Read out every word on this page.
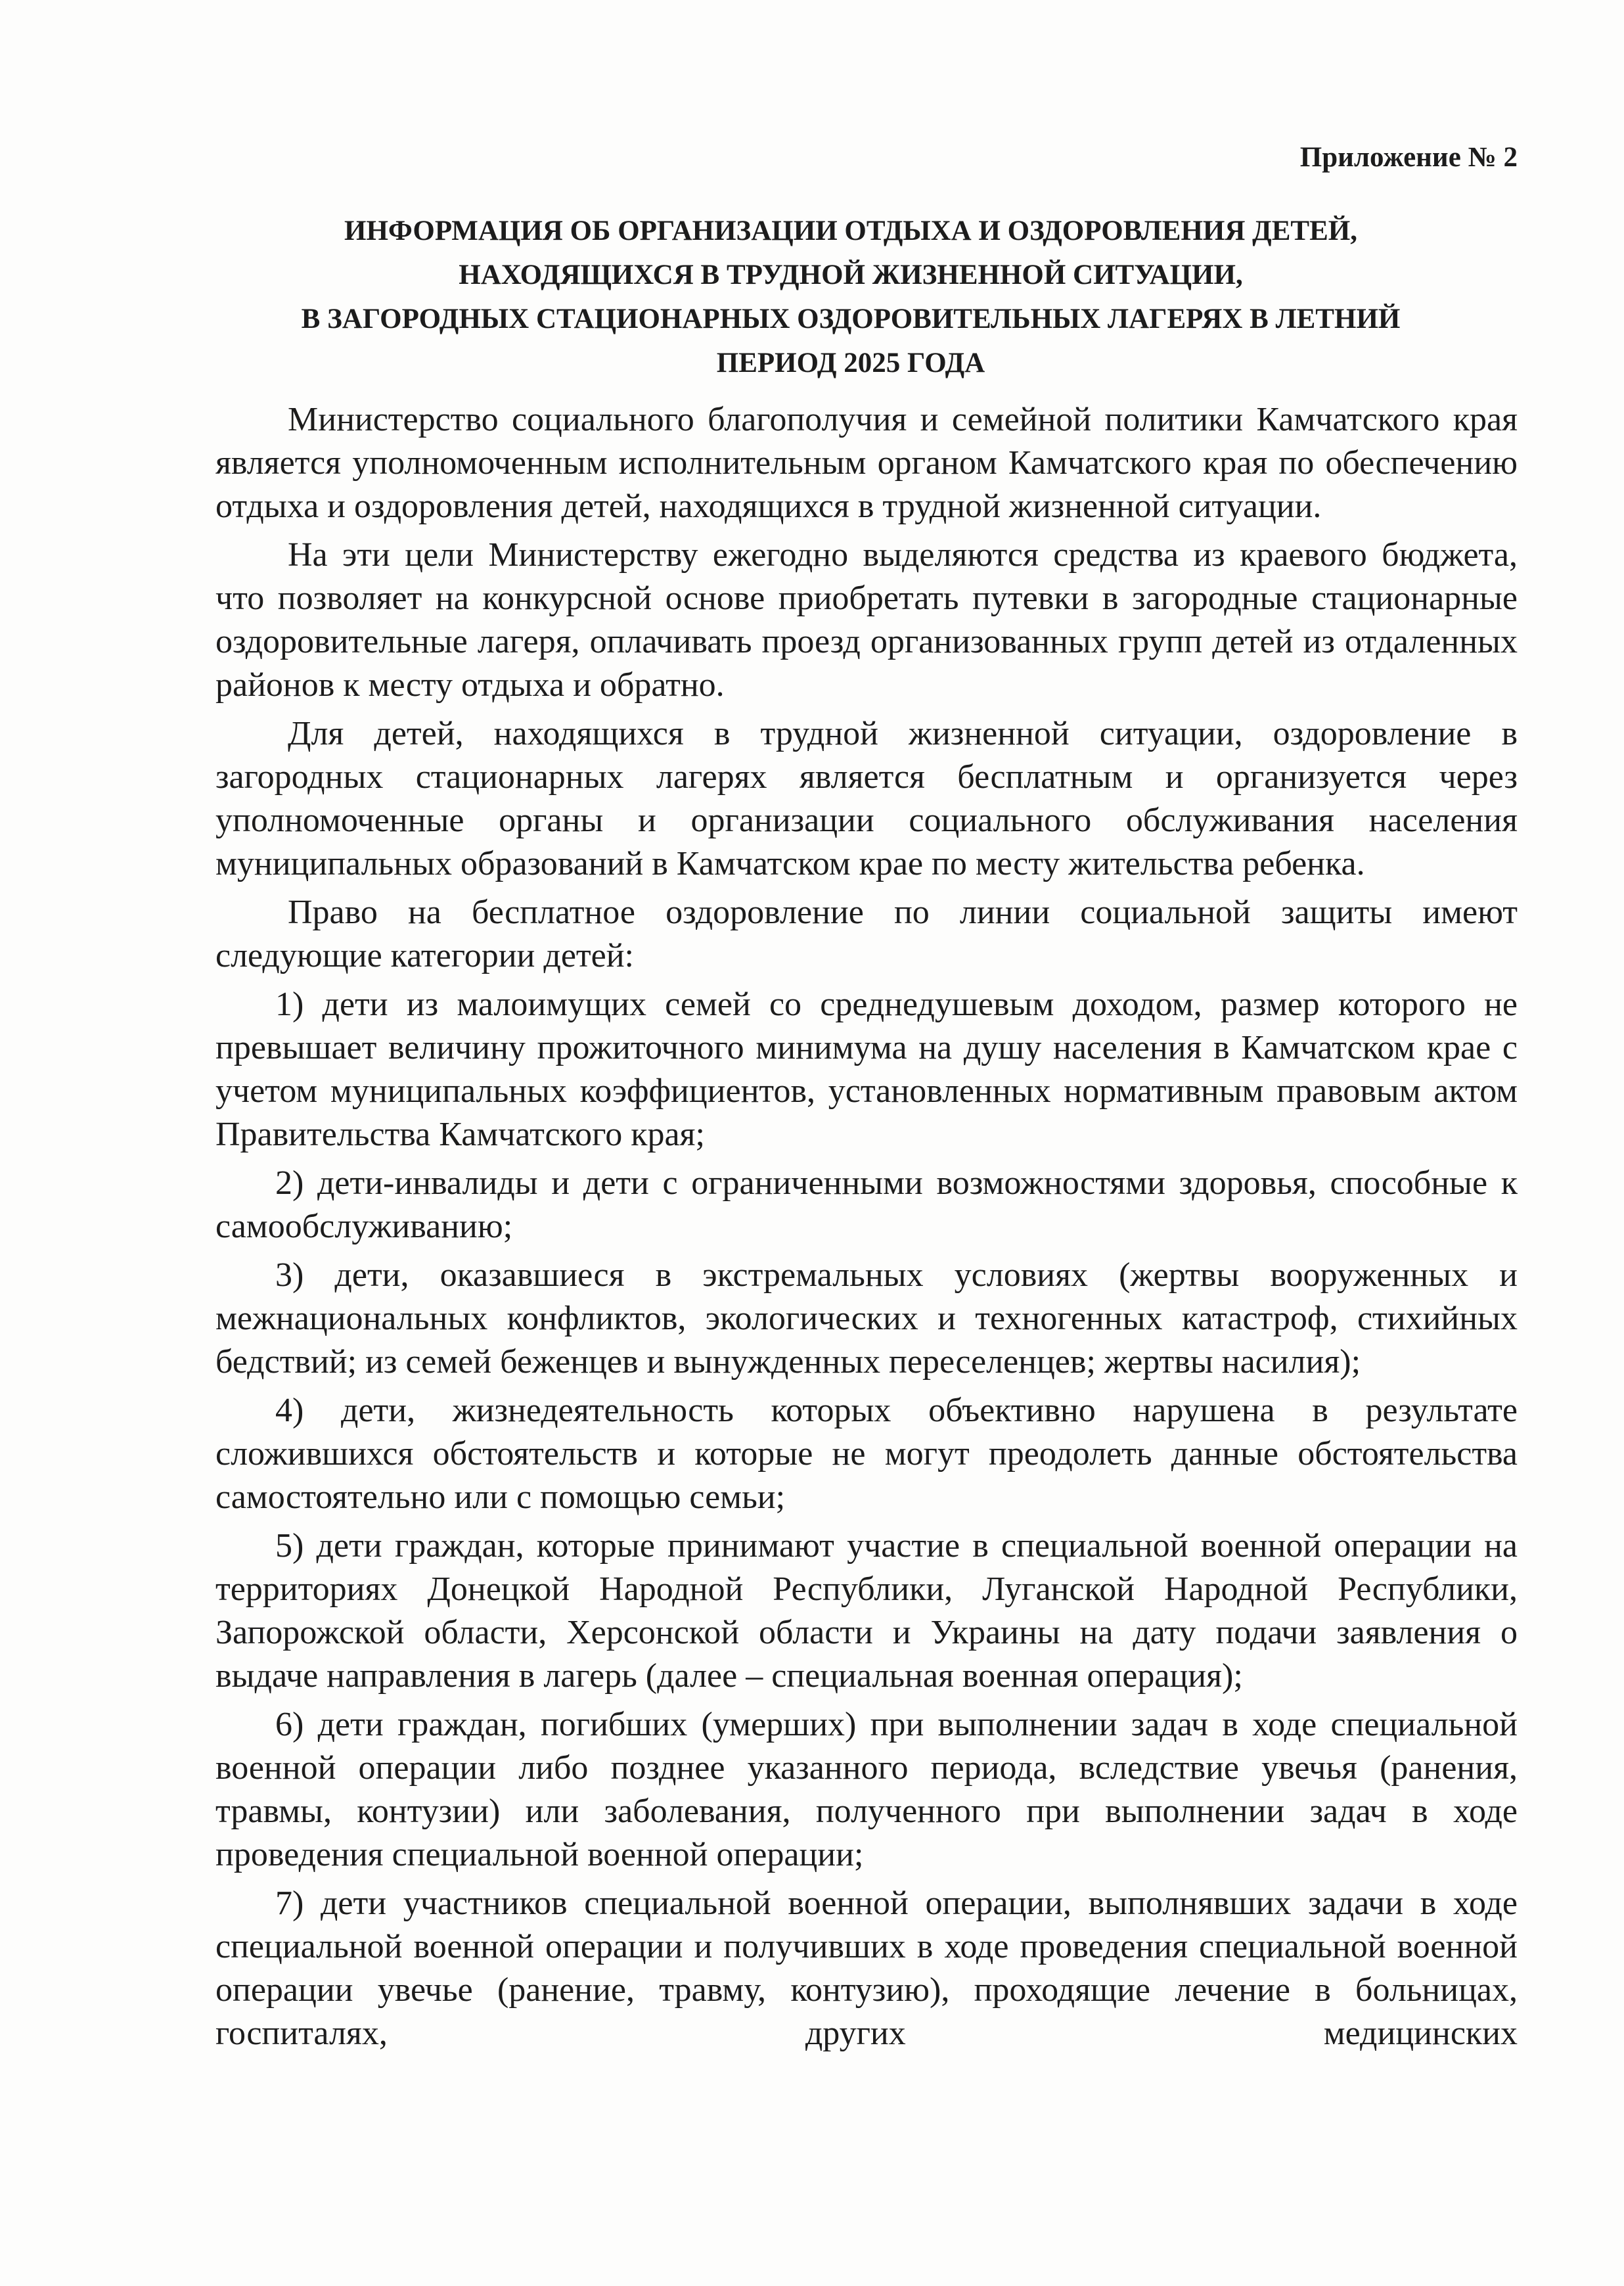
Приложение № 2

ИНФОРМАЦИЯ ОБ ОРГАНИЗАЦИИ ОТДЫХА И ОЗДОРОВЛЕНИЯ ДЕТЕЙ,
НАХОДЯЩИХСЯ В ТРУДНОЙ ЖИЗНЕННОЙ СИТУАЦИИ,
В ЗАГОРОДНЫХ СТАЦИОНАРНЫХ ОЗДОРОВИТЕЛЬНЫХ ЛАГЕРЯХ В ЛЕТНИЙ
ПЕРИОД 2025 ГОДА

Министерство социального благополучия и семейной политики Камчатского края является уполномоченным исполнительным органом Камчатского края по обеспечению отдыха и оздоровления детей, находящихся в трудной жизненной ситуации.

На эти цели Министерству ежегодно выделяются средства из краевого бюджета, что позволяет на конкурсной основе приобретать путевки в загородные стационарные оздоровительные лагеря, оплачивать проезд организованных групп детей из отдаленных районов к месту отдыха и обратно.

Для детей, находящихся в трудной жизненной ситуации, оздоровление в загородных стационарных лагерях является бесплатным и организуется через уполномоченные органы и организации социального обслуживания населения муниципальных образований в Камчатском крае по месту жительства ребенка.

Право на бесплатное оздоровление по линии социальной защиты имеют следующие категории детей:

1) дети из малоимущих семей со среднедушевым доходом, размер которого не превышает величину прожиточного минимума на душу населения в Камчатском крае с учетом муниципальных коэффициентов, установленных нормативным правовым актом Правительства Камчатского края;

2) дети-инвалиды и дети с ограниченными возможностями здоровья, способные к самообслуживанию;

3) дети, оказавшиеся в экстремальных условиях (жертвы вооруженных и межнациональных конфликтов, экологических и техногенных катастроф, стихийных бедствий; из семей беженцев и вынужденных переселенцев; жертвы насилия);

4) дети, жизнедеятельность которых объективно нарушена в результате сложившихся обстоятельств и которые не могут преодолеть данные обстоятельства самостоятельно или с помощью семьи;

5) дети граждан, которые принимают участие в специальной военной операции на территориях Донецкой Народной Республики, Луганской Народной Республики, Запорожской области, Херсонской области и Украины на дату подачи заявления о выдаче направления в лагерь (далее – специальная военная операция);

6) дети граждан, погибших (умерших) при выполнении задач в ходе специальной военной операции либо позднее указанного периода, вследствие увечья (ранения, травмы, контузии) или заболевания, полученного при выполнении задач в ходе проведения специальной военной операции;

7) дети участников специальной военной операции, выполнявших задачи в ходе специальной военной операции и получивших в ходе проведения специальной военной операции увечье (ранение, травму, контузию), проходящие лечение в больницах, госпиталях, других медицинских
